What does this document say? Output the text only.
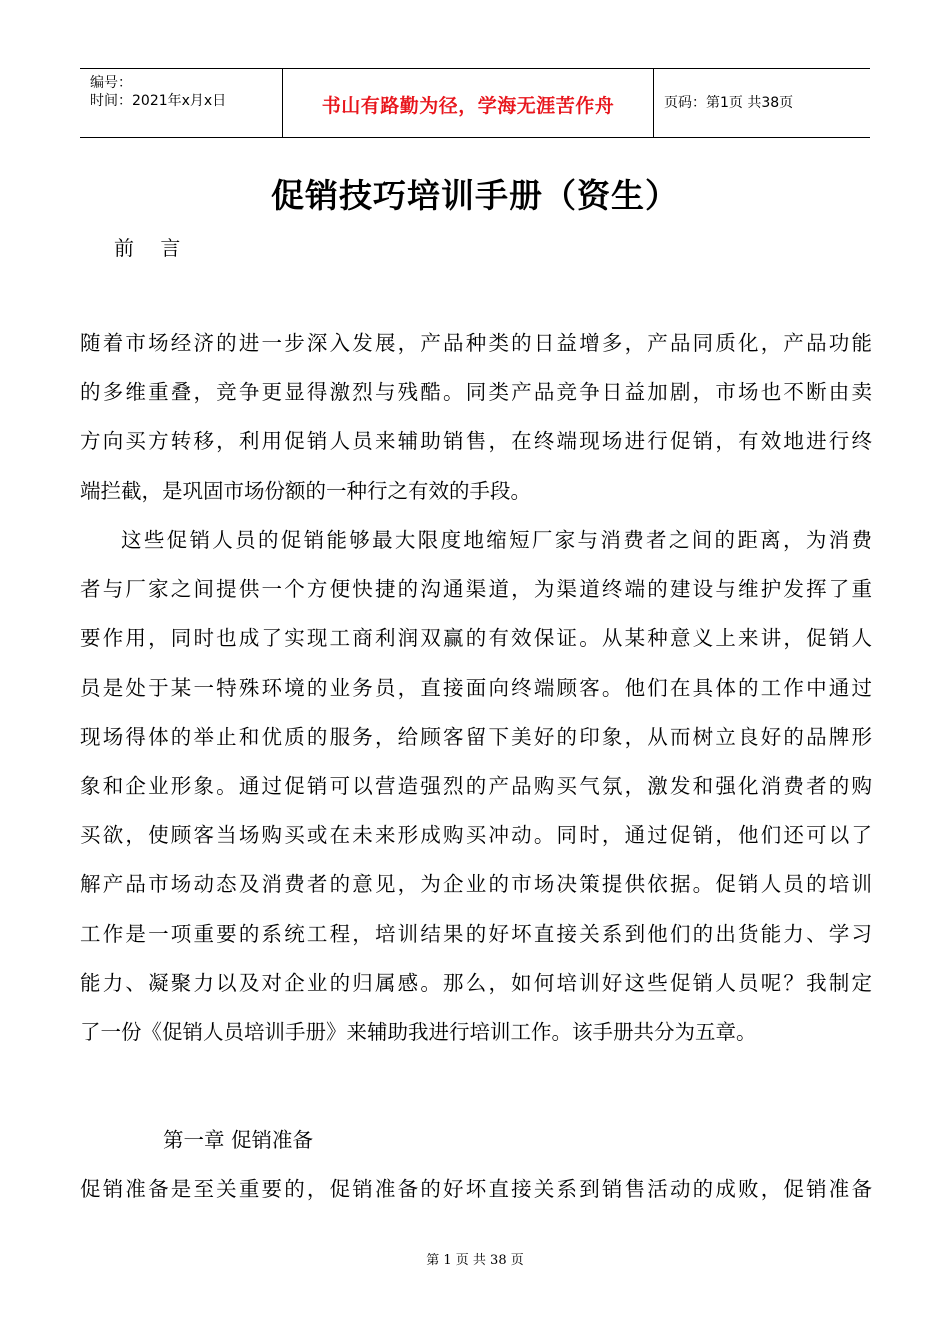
编号：
时间：2021年x月x日	书山有路勤为径，学海无涯苦作舟	页码：第1页 共38页
促销技巧培训手册（资生）
前 言
随着市场经济的进一步深入发展，产品种类的日益增多，产品同质化，产品功能
的多维重叠，竞争更显得激烈与残酷。同类产品竞争日益加剧，市场也不断由卖
方向买方转移，利用促销人员来辅助销售，在终端现场进行促销，有效地进行终
端拦截，是巩固市场份额的一种行之有效的手段。
这些促销人员的促销能够最大限度地缩短厂家与消费者之间的距离，为消费
者与厂家之间提供一个方便快捷的沟通渠道，为渠道终端的建设与维护发挥了重
要作用，同时也成了实现工商利润双赢的有效保证。从某种意义上来讲，促销人
员是处于某一特殊环境的业务员，直接面向终端顾客。他们在具体的工作中通过
现场得体的举止和优质的服务，给顾客留下美好的印象，从而树立良好的品牌形
象和企业形象。通过促销可以营造强烈的产品购买气氛，激发和强化消费者的购
买欲，使顾客当场购买或在未来形成购买冲动。同时，通过促销，他们还可以了
解产品市场动态及消费者的意见，为企业的市场决策提供依据。促销人员的培训
工作是一项重要的系统工程，培训结果的好坏直接关系到他们的出货能力、学习
能力、凝聚力以及对企业的归属感。那么，如何培训好这些促销人员呢？我制定
了一份《促销人员培训手册》来辅助我进行培训工作。该手册共分为五章。
第一章 促销准备
促销准备是至关重要的，促销准备的好坏直接关系到销售活动的成败，促销准备
第 1 页 共 38 页
